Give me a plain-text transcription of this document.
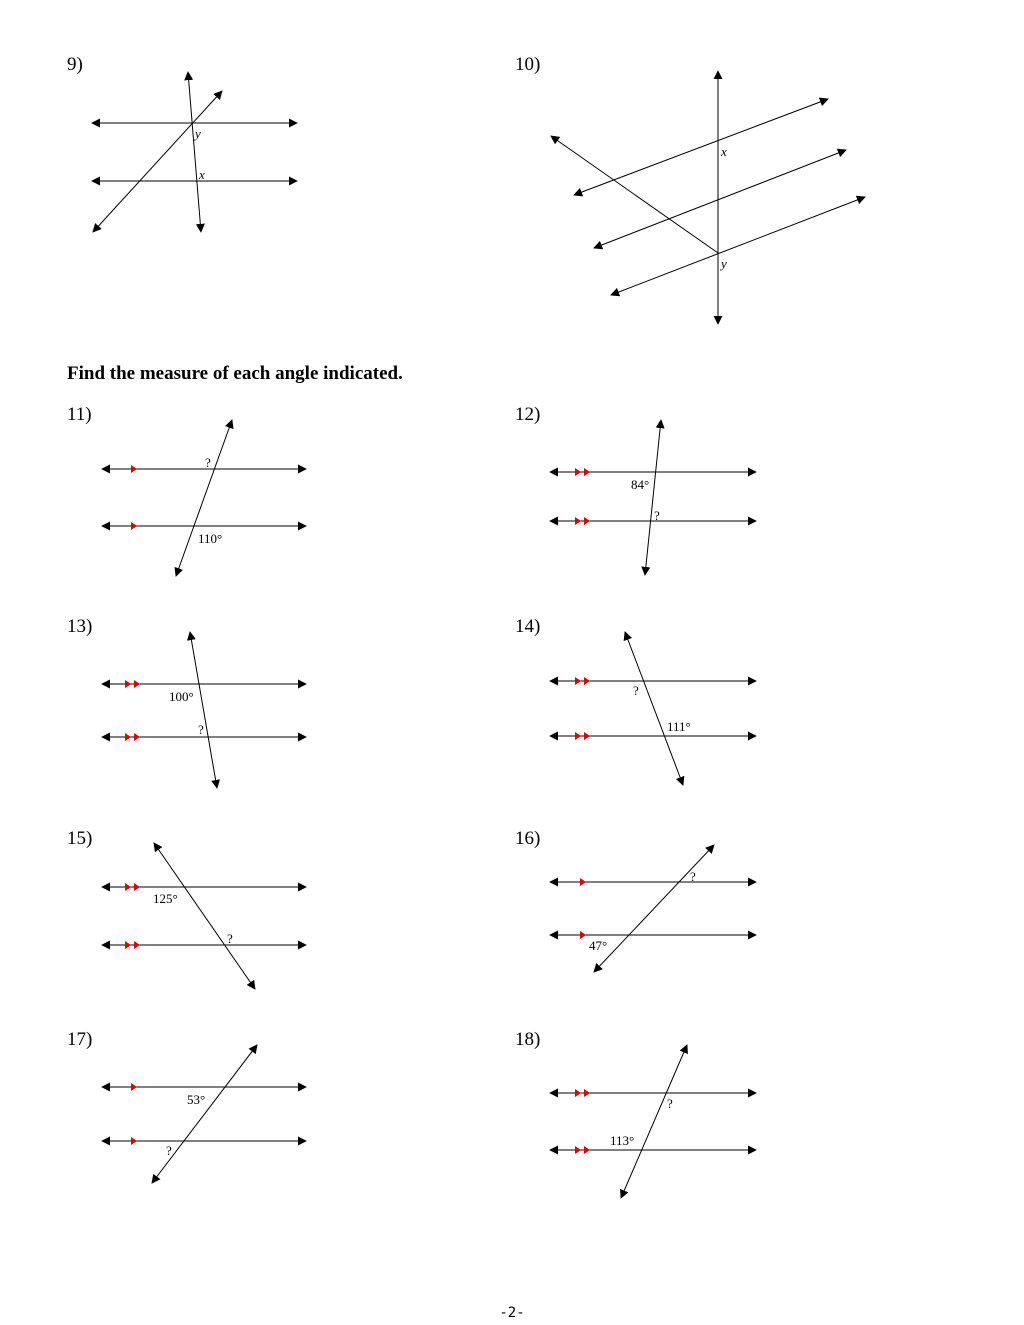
9)	10)
Find the measure of each angle indicated.
11)	12)
13)	14)
15)	16)
17)	18)
y
x
x
y
?
110°
84°
?
100°
?
?
111°
125°
?
?
47°
53°
?
?
113°
-2-
